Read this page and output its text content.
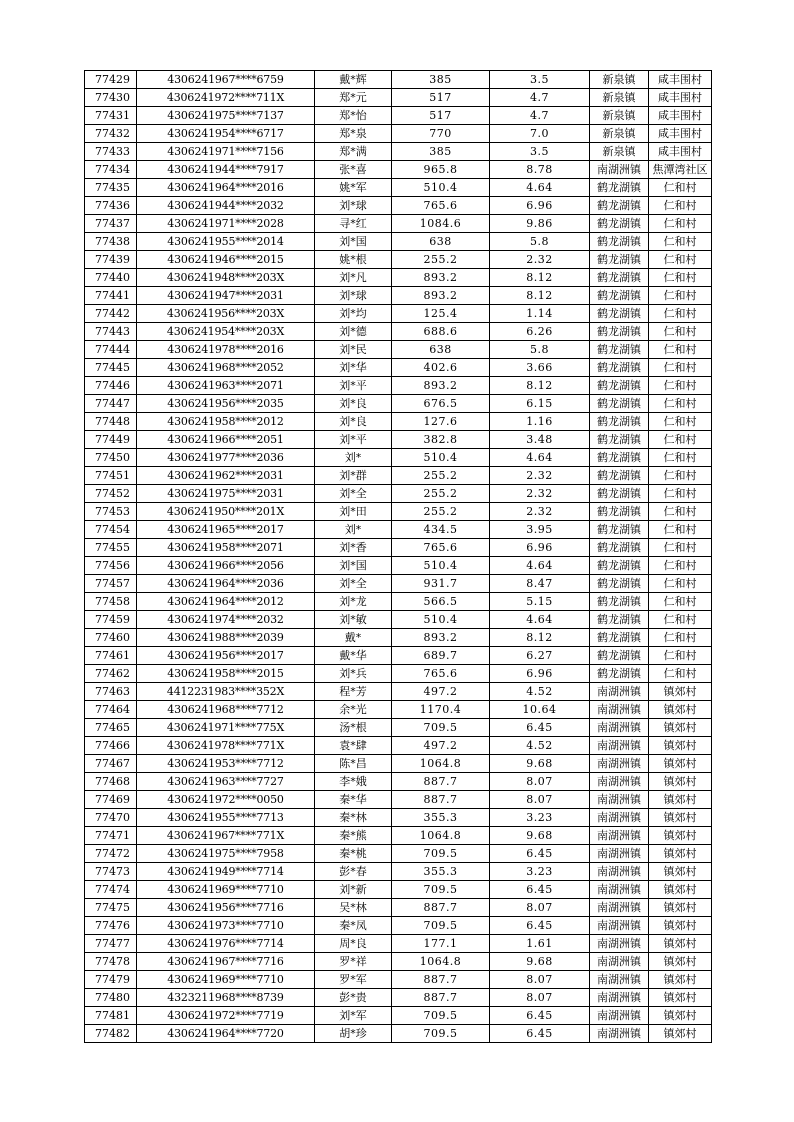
77429	4306241967****6759	戴*辉	385	3.5	新泉镇	咸丰围村
77430	4306241972****711X	郑*元	517	4.7	新泉镇	咸丰围村
77431	4306241975****7137	郑*怡	517	4.7	新泉镇	咸丰围村
77432	4306241954****6717	郑*泉	770	7.0	新泉镇	咸丰围村
77433	4306241971****7156	郑*满	385	3.5	新泉镇	咸丰围村
77434	4306241944****7917	张*喜	965.8	8.78	南湖洲镇	焦潭湾社区
77435	4306241964****2016	姚*军	510.4	4.64	鹤龙湖镇	仁和村
77436	4306241944****2032	刘*球	765.6	6.96	鹤龙湖镇	仁和村
77437	4306241971****2028	寻*红	1084.6	9.86	鹤龙湖镇	仁和村
77438	4306241955****2014	刘*国	638	5.8	鹤龙湖镇	仁和村
77439	4306241946****2015	姚*根	255.2	2.32	鹤龙湖镇	仁和村
77440	4306241948****203X	刘*凡	893.2	8.12	鹤龙湖镇	仁和村
77441	4306241947****2031	刘*球	893.2	8.12	鹤龙湖镇	仁和村
77442	4306241956****203X	刘*均	125.4	1.14	鹤龙湖镇	仁和村
77443	4306241954****203X	刘*德	688.6	6.26	鹤龙湖镇	仁和村
77444	4306241978****2016	刘*民	638	5.8	鹤龙湖镇	仁和村
77445	4306241968****2052	刘*华	402.6	3.66	鹤龙湖镇	仁和村
77446	4306241963****2071	刘*平	893.2	8.12	鹤龙湖镇	仁和村
77447	4306241956****2035	刘*良	676.5	6.15	鹤龙湖镇	仁和村
77448	4306241958****2012	刘*良	127.6	1.16	鹤龙湖镇	仁和村
77449	4306241966****2051	刘*平	382.8	3.48	鹤龙湖镇	仁和村
77450	4306241977****2036	刘*	510.4	4.64	鹤龙湖镇	仁和村
77451	4306241962****2031	刘*群	255.2	2.32	鹤龙湖镇	仁和村
77452	4306241975****2031	刘*全	255.2	2.32	鹤龙湖镇	仁和村
77453	4306241950****201X	刘*田	255.2	2.32	鹤龙湖镇	仁和村
77454	4306241965****2017	刘*	434.5	3.95	鹤龙湖镇	仁和村
77455	4306241958****2071	刘*香	765.6	6.96	鹤龙湖镇	仁和村
77456	4306241966****2056	刘*国	510.4	4.64	鹤龙湖镇	仁和村
77457	4306241964****2036	刘*全	931.7	8.47	鹤龙湖镇	仁和村
77458	4306241964****2012	刘*龙	566.5	5.15	鹤龙湖镇	仁和村
77459	4306241974****2032	刘*敏	510.4	4.64	鹤龙湖镇	仁和村
77460	4306241988****2039	戴*	893.2	8.12	鹤龙湖镇	仁和村
77461	4306241956****2017	戴*华	689.7	6.27	鹤龙湖镇	仁和村
77462	4306241958****2015	刘*兵	765.6	6.96	鹤龙湖镇	仁和村
77463	4412231983****352X	程*芳	497.2	4.52	南湖洲镇	镇郊村
77464	4306241968****7712	余*光	1170.4	10.64	南湖洲镇	镇郊村
77465	4306241971****775X	汤*根	709.5	6.45	南湖洲镇	镇郊村
77466	4306241978****771X	袁*肆	497.2	4.52	南湖洲镇	镇郊村
77467	4306241953****7712	陈*昌	1064.8	9.68	南湖洲镇	镇郊村
77468	4306241963****7727	李*娥	887.7	8.07	南湖洲镇	镇郊村
77469	4306241972****0050	秦*华	887.7	8.07	南湖洲镇	镇郊村
77470	4306241955****7713	秦*林	355.3	3.23	南湖洲镇	镇郊村
77471	4306241967****771X	秦*熊	1064.8	9.68	南湖洲镇	镇郊村
77472	4306241975****7958	秦*桃	709.5	6.45	南湖洲镇	镇郊村
77473	4306241949****7714	彭*春	355.3	3.23	南湖洲镇	镇郊村
77474	4306241969****7710	刘*新	709.5	6.45	南湖洲镇	镇郊村
77475	4306241956****7716	吴*林	887.7	8.07	南湖洲镇	镇郊村
77476	4306241973****7710	秦*凤	709.5	6.45	南湖洲镇	镇郊村
77477	4306241976****7714	周*良	177.1	1.61	南湖洲镇	镇郊村
77478	4306241967****7716	罗*祥	1064.8	9.68	南湖洲镇	镇郊村
77479	4306241969****7710	罗*军	887.7	8.07	南湖洲镇	镇郊村
77480	4323211968****8739	彭*贵	887.7	8.07	南湖洲镇	镇郊村
77481	4306241972****7719	刘*军	709.5	6.45	南湖洲镇	镇郊村
77482	4306241964****7720	胡*珍	709.5	6.45	南湖洲镇	镇郊村
